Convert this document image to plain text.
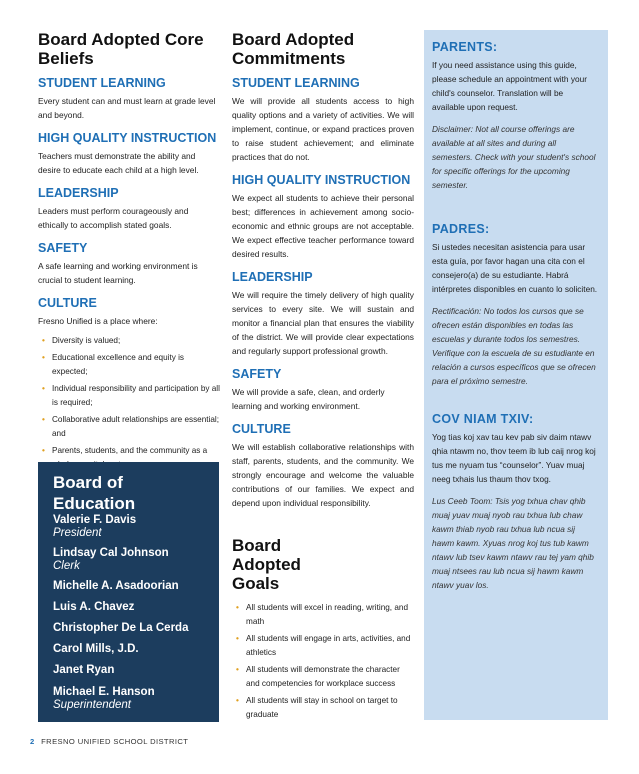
Board Adopted Core Beliefs
STUDENT LEARNING

Every student can and must learn at grade level and beyond.

HIGH QUALITY INSTRUCTION

Teachers must demonstrate the ability and desire to educate each child at a high level.

LEADERSHIP

Leaders must perform courageously and ethically to accomplish stated goals.

SAFETY

A safe learning and working environment is crucial to student learning.

CULTURE

Fresno Unified is a place where:

• Diversity is valued;
• Educational excellence and equity is expected;
• Individual responsibility and participation by all is required;
• Collaborative adult relationships are essential; and
• Parents, students, and the community as a
Board of Education
Valerie F. Davis
President
Lindsay Cal Johnson
Clerk
Michelle A. Asadoorian
Luis A. Chavez
Christopher De La Cerda
Carol Mills, J.D.
Janet Ryan
Michael E. Hanson
Superintendent
Board Adopted Commitments
STUDENT LEARNING

We will provide all students access to high quality options and a variety of activities. We will implement, continue, or expand practices proven to raise student achievement; and eliminate practices that do not.

HIGH QUALITY INSTRUCTION

We expect all students to achieve their personal best; differences in achievement among socio-economic and ethnic groups are not acceptable. We expect effective teacher performance toward desired results.

LEADERSHIP

We will require the timely delivery of high quality services to every site. We will sustain and monitor a financial plan that ensures the viability of the district. We will provide clear expectations and regularly support professional growth.

SAFETY

We will provide a safe, clean, and orderly learning and working environment.

CULTURE

We will establish collaborative relationships with staff, parents, students, and the community. We strongly encourage and welcome the valuable contributions of our families. We expect and depend upon individual responsibility.

Board Adopted Goals
• All students will excel in reading, writing, and math
• All students will engage in arts, activities, and athletics
• All students will demonstrate the character and competencies for workplace success
• All students will stay in school on target to graduate
PARENTS:

If you need assistance using this guide, please schedule an appointment with your child's counselor. Translation will be available upon request.

Disclaimer: Not all course offerings are available at all sites and during all semesters. Check with your student's school for specific offerings for the upcoming semester.

PADRES:

Si ustedes necesitan asistencia para usar esta guía, por favor hagan una cita con el consejero(a) de su estudiante. Habrá intérpretes disponibles en cuanto lo soliciten.

Rectificación: No todos los cursos que se ofrecen están disponibles en todas las escuelas y durante todos los semestres. Verifique con la escuela de su estudiante en relación a cursos específicos que se ofrecen para el próximo semestre.

COV NIAM TXIV:

Yog tias koj xav tau kev pab siv daim ntawv qhia ntawm no, thov teem ib lub caij nrog koj tus me nyuam tus “counselor”. Yuav muaj neeg txhais lus thaum thov txog.

Lus Ceeb Toom: Tsis yog txhua chav qhib muaj yuav muaj nyob rau txhua lub chaw kawm thiab nyob rau txhua lub ncua sij hawm kawm. Xyuas nrog koj tus tub kawm ntawv lub tsev kawm ntawv rau tej yam qhib muaj ntsees rau lub ncua sij hawm kawm ntawv yuav los.

2 FRESNO UNIFIED SCHOOL DISTRICT
